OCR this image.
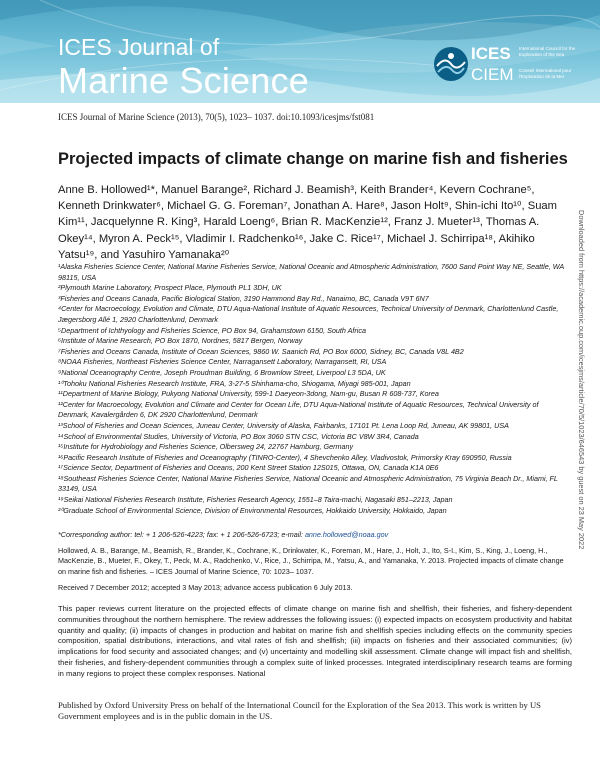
ICES Journal of
Marine Science
ICES
CIEM
International Council for the Exploration of the Sea
Conseil International pour l'Exploration de la Mer
ICES Journal of Marine Science (2013), 70(5), 1023– 1037. doi:10.1093/icesjms/fst081
Projected impacts of climate change on marine fish and fisheries

Anne B. Hollowed¹*, Manuel Barange², Richard J. Beamish³, Keith Brander⁴, Kevern Cochrane⁵, Kenneth Drinkwater⁶, Michael G. G. Foreman⁷, Jonathan A. Hare⁸, Jason Holt⁹, Shin-ichi Ito¹⁰, Suam Kim¹¹, Jacquelynne R. King³, Harald Loeng⁶, Brian R. MacKenzie¹², Franz J. Mueter¹³, Thomas A. Okey¹⁴, Myron A. Peck¹⁵, Vladimir I. Radchenko¹⁶, Jake C. Rice¹⁷, Michael J. Schirripa¹⁸, Akihiko Yatsu¹⁹, and Yasuhiro Yamanaka²⁰

¹Alaska Fisheries Science Center, National Marine Fisheries Service, National Oceanic and Atmospheric Administration, 7600 Sand Point Way NE, Seattle, WA 98115, USA

²Plymouth Marine Laboratory, Prospect Place, Plymouth PL1 3DH, UK

³Fisheries and Oceans Canada, Pacific Biological Station, 3190 Hammond Bay Rd., Nanaimo, BC, Canada V9T 6N7

⁴Center for Macroecology, Evolution and Climate, DTU Aqua-National Institute of Aquatic Resources, Technical University of Denmark, Charlottenlund Castle, Jægersborg Allé 1, 2920 Charlottenlund, Denmark

⁵Department of Ichthyology and Fisheries Science, PO Box 94, Grahamstown 6150, South Africa

⁶Institute of Marine Research, PO Box 1870, Nordnes, 5817 Bergen, Norway

⁷Fisheries and Oceans Canada, Institute of Ocean Sciences, 9860 W. Saanich Rd, PO Box 6000, Sidney, BC, Canada V8L 4B2

⁸NOAA Fisheries, Northeast Fisheries Science Center, Narragansett Laboratory, Narragansett, RI, USA

⁹National Oceanography Centre, Joseph Proudman Building, 6 Brownlow Street, Liverpool L3 5DA, UK

¹⁰Tohoku National Fisheries Research Institute, FRA, 3-27-5 Shinhama-cho, Shiogama, Miyagi 985-001, Japan

¹¹Department of Marine Biology, Pukyong National University, 599-1 Daeyeon-3dong, Nam-gu, Busan R 608-737, Korea

¹²Center for Macroecology, Evolution and Climate and Center for Ocean Life, DTU Aqua-National Institute of Aquatic Resources, Technical University of Denmark, Kavalergården 6, DK 2920 Charlottenlund, Denmark

¹³School of Fisheries and Ocean Sciences, Juneau Center, University of Alaska, Fairbanks, 17101 Pt. Lena Loop Rd, Juneau, AK 99801, USA

¹⁴School of Environmental Studies, University of Victoria, PO Box 3060 STN CSC, Victoria BC V8W 3R4, Canada

¹⁵Institute for Hydrobiology and Fisheries Science, Olbersweg 24, 22767 Hamburg, Germany

¹⁶Pacific Research Institute of Fisheries and Oceanography (TINRO-Center), 4 Shevchenko Alley, Vladivostok, Primorsky Kray 690950, Russia

¹⁷Science Sector, Department of Fisheries and Oceans, 200 Kent Street Station 12S015, Ottawa, ON, Canada K1A 0E6

¹⁸Southeast Fisheries Science Center, National Marine Fisheries Service, National Oceanic and Atmospheric Administration, 75 Virginia Beach Dr., Miami, FL 33149, USA

¹⁹Seikai National Fisheries Research Institute, Fisheries Research Agency, 1551–8 Taira-machi, Nagasaki 851–2213, Japan

²⁰Graduate School of Environmental Science, Division of Environmental Resources, Hokkaido University, Hokkaido, Japan

*Corresponding author: tel: + 1 206-526-4223; fax: + 1 206-526-6723; e-mail: anne.hollowed@noaa.gov
Hollowed, A. B., Barange, M., Beamish, R., Brander, K., Cochrane, K., Drinkwater, K., Foreman, M., Hare, J., Holt, J., Ito, S-I., Kim, S., King, J., Loeng, H., MacKenzie, B., Mueter, F., Okey, T., Peck, M. A., Radchenko, V., Rice, J., Schirripa, M., Yatsu, A., and Yamanaka, Y. 2013. Projected impacts of climate change on marine fish and fisheries. – ICES Journal of Marine Science, 70: 1023– 1037.
Received 7 December 2012; accepted 3 May 2013; advance access publication 6 July 2013.
This paper reviews current literature on the projected effects of climate change on marine fish and shellfish, their fisheries, and fishery-dependent communities throughout the northern hemisphere. The review addresses the following issues: (i) expected impacts on ecosystem productivity and habitat quantity and quality; (ii) impacts of changes in production and habitat on marine fish and shellfish species including effects on the community species composition, spatial distributions, interactions, and vital rates of fish and shellfish; (iii) impacts on fisheries and their associated communities; (iv) implications for food security and associated changes; and (v) uncertainty and modelling skill assessment. Climate change will impact fish and shellfish, their fisheries, and fishery-dependent communities through a complex suite of linked processes. Integrated interdisciplinary research teams are forming in many regions to project these complex responses. National
Published by Oxford University Press on behalf of the International Council for the Exploration of the Sea 2013. This work is written by US Government employees and is in the public domain in the US.
Downloaded from https://academic.oup.com/icesjms/article/70/5/1023/646543 by guest on 23 May 2022
